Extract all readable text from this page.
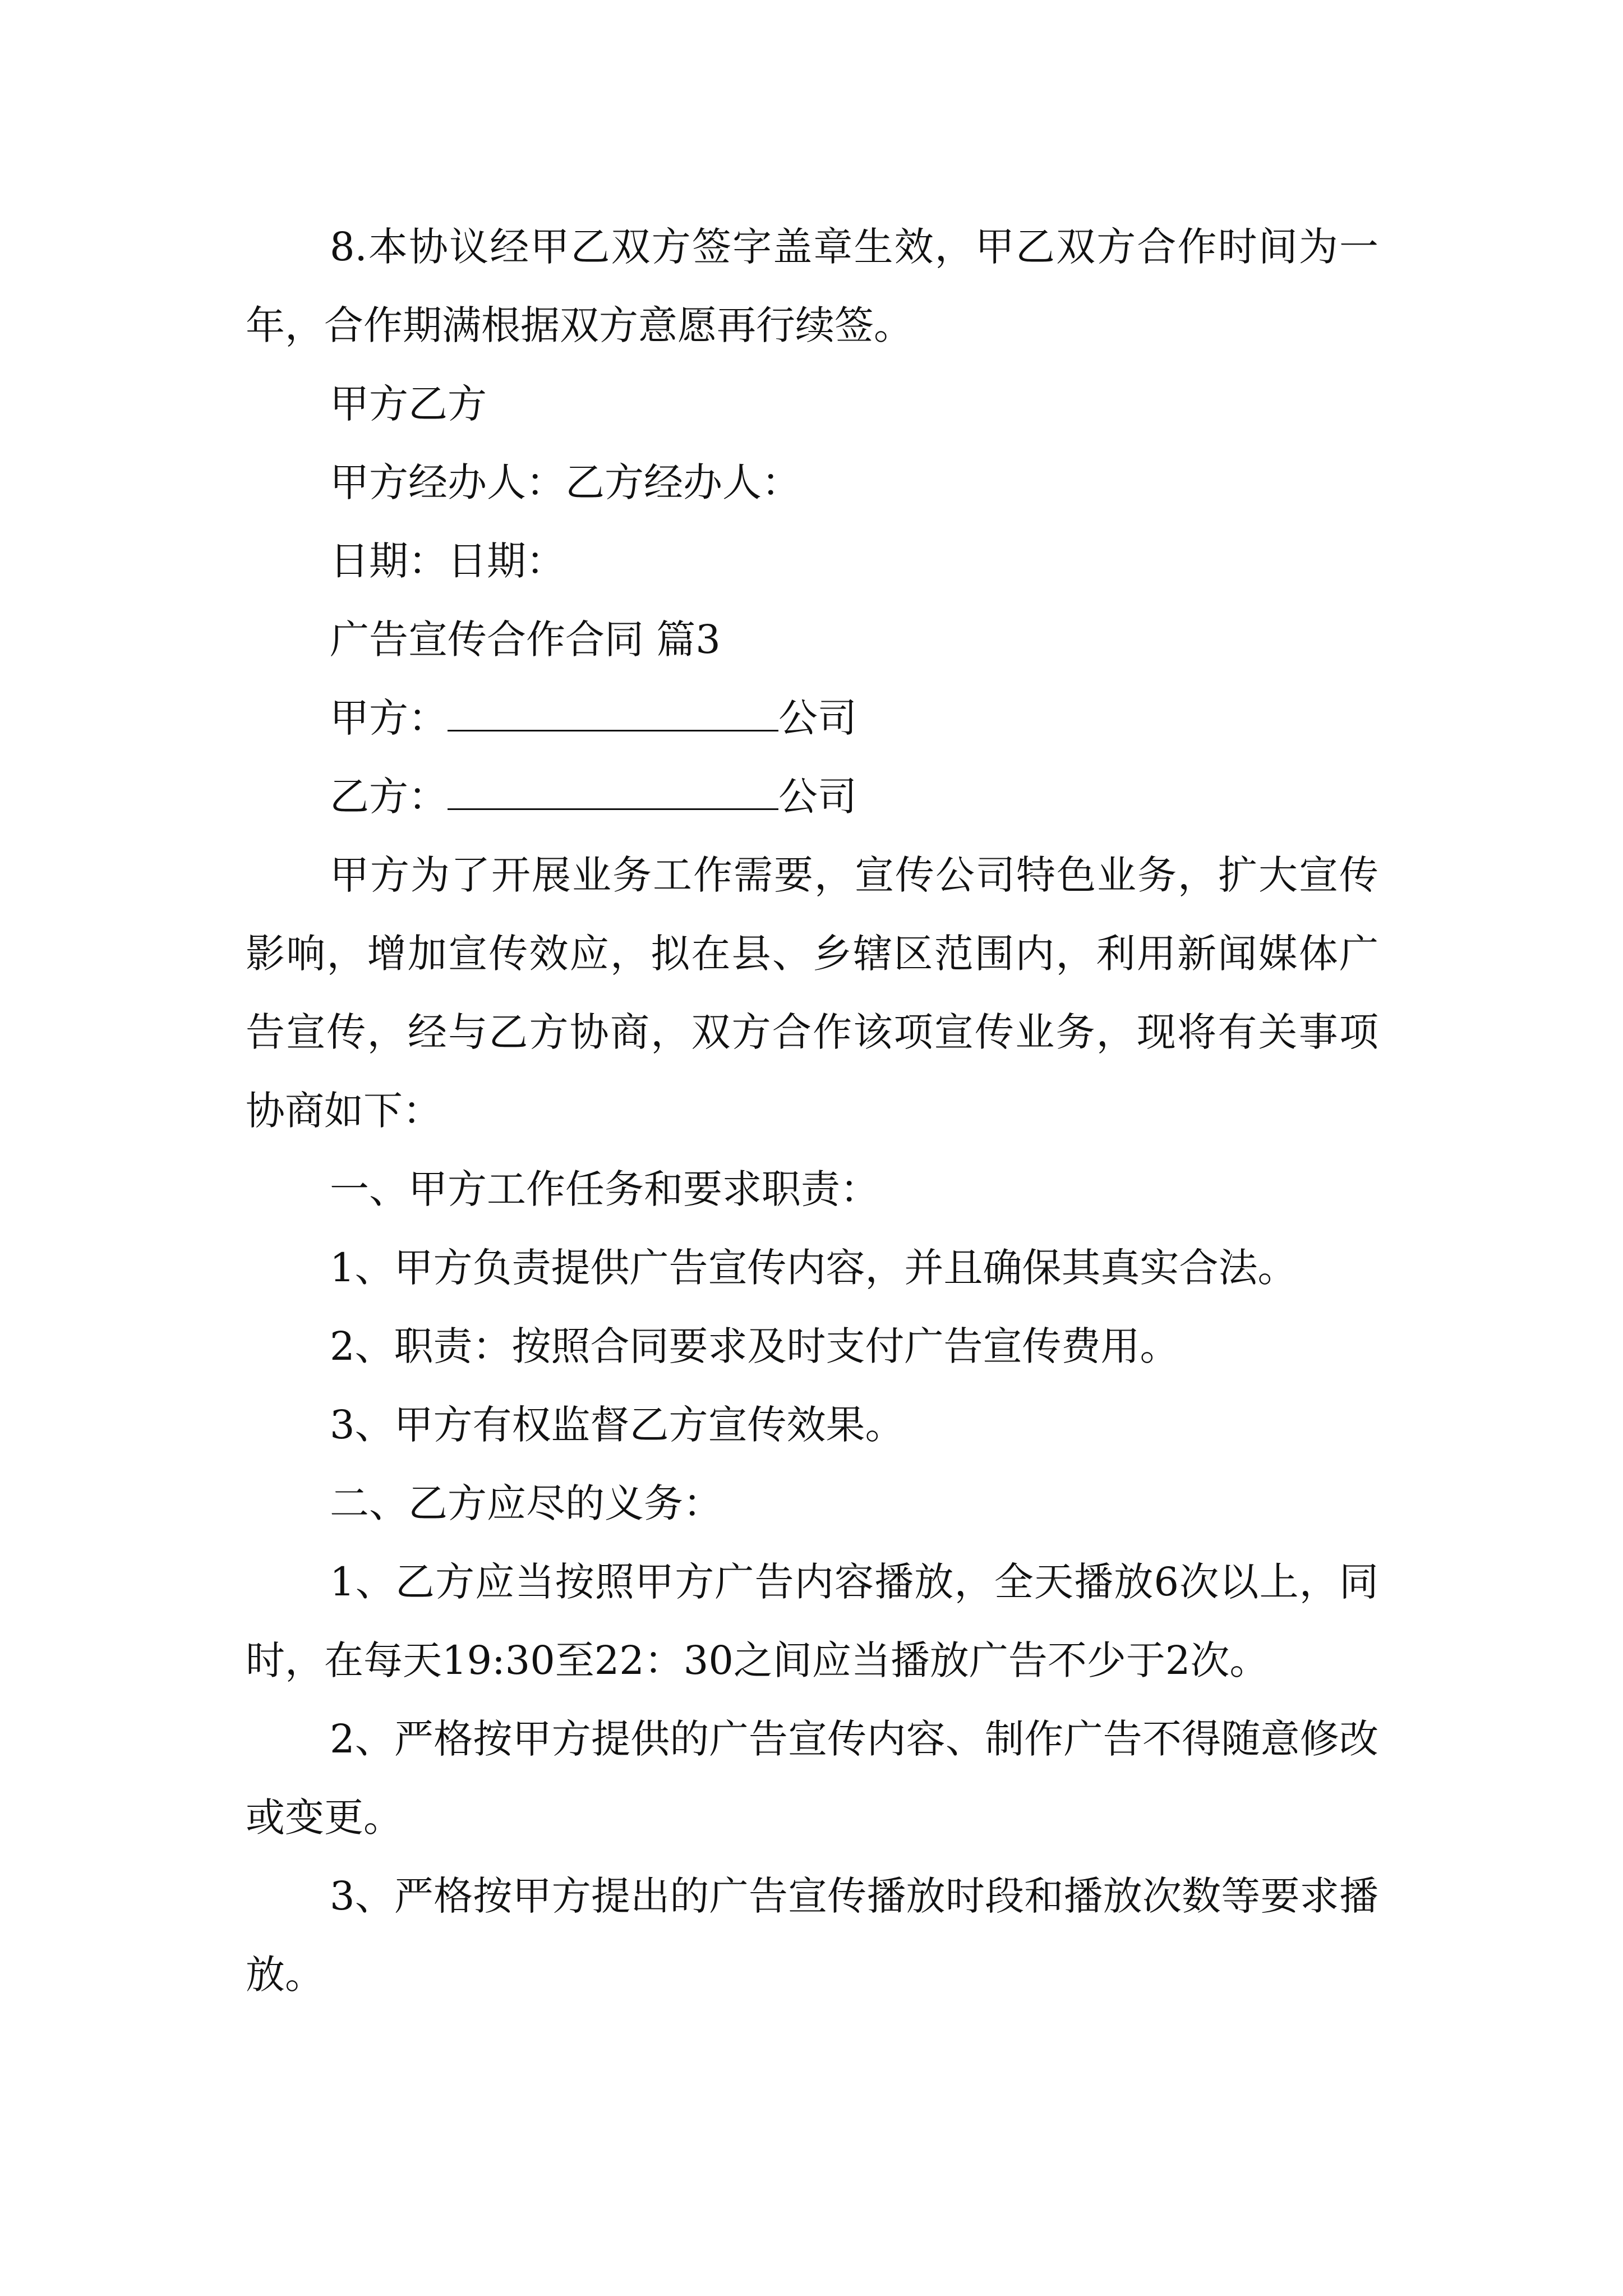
8.本协议经甲乙双方签字盖章生效，甲乙双方合作时间为一年，合作期满根据双方意愿再行续签。

甲方乙方

甲方经办人：乙方经办人：

日期：日期：

广告宣传合作合同 篇3

甲方：	公司

乙方：	公司

甲方为了开展业务工作需要，宣传公司特色业务，扩大宣传影响，增加宣传效应，拟在县、乡辖区范围内，利用新闻媒体广告宣传，经与乙方协商，双方合作该项宣传业务，现将有关事项协商如下：

一、甲方工作任务和要求职责：

1、甲方负责提供广告宣传内容，并且确保其真实合法。

2、职责：按照合同要求及时支付广告宣传费用。

3、甲方有权监督乙方宣传效果。

二、乙方应尽的义务：

1、乙方应当按照甲方广告内容播放，全天播放6次以上，同时，在每天19:30至22：30之间应当播放广告不少于2次。

2、严格按甲方提供的广告宣传内容、制作广告不得随意修改或变更。

3、严格按甲方提出的广告宣传播放时段和播放次数等要求播放。
